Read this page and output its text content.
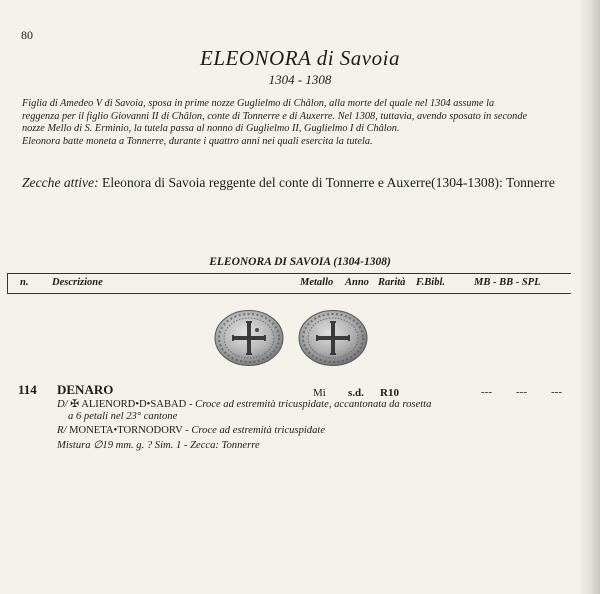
80
ELEONORA di Savoia
1304 - 1308
Figlia di Amedeo V di Savoia, sposa in prime nozze Guglielmo di Châlon, alla morte del quale nel 1304 assume la
reggenza per il figlio Giovanni II di Châlon, conte di Tonnerre e di Auxerre. Nel 1308, tuttavia, avendo sposato in seconde
nozze Mello di S. Erminio, la tutela passa al nonno di Guglielmo II, Guglielmo I di Châlon.
Eleonora batte moneta a Tonnerre, durante i quattro anni nei quali esercita la tutela.
Zecche attive: Eleonora di Savoia reggente del conte di Tonnerre e Auxerre(1304-1308): Tonnerre
ELEONORA DI SAVOIA (1304-1308)
n. Descrizione	Metallo Anno Rarità F.Bibl.	MB - BB - SPL
114 DENARO	Mi s.d. R10	--- --- ---
D/ ✠ ALIENORD•D•SABAD - Croce ad estremità tricuspidate, accantonata da rosetta
a 6 petali nel 23° cantone
R/ MONETA•TORNODORV - Croce ad estremità tricuspidate
Mistura ∅19 mm. g. ? Sim. 1 - Zecca: Tonnerre
